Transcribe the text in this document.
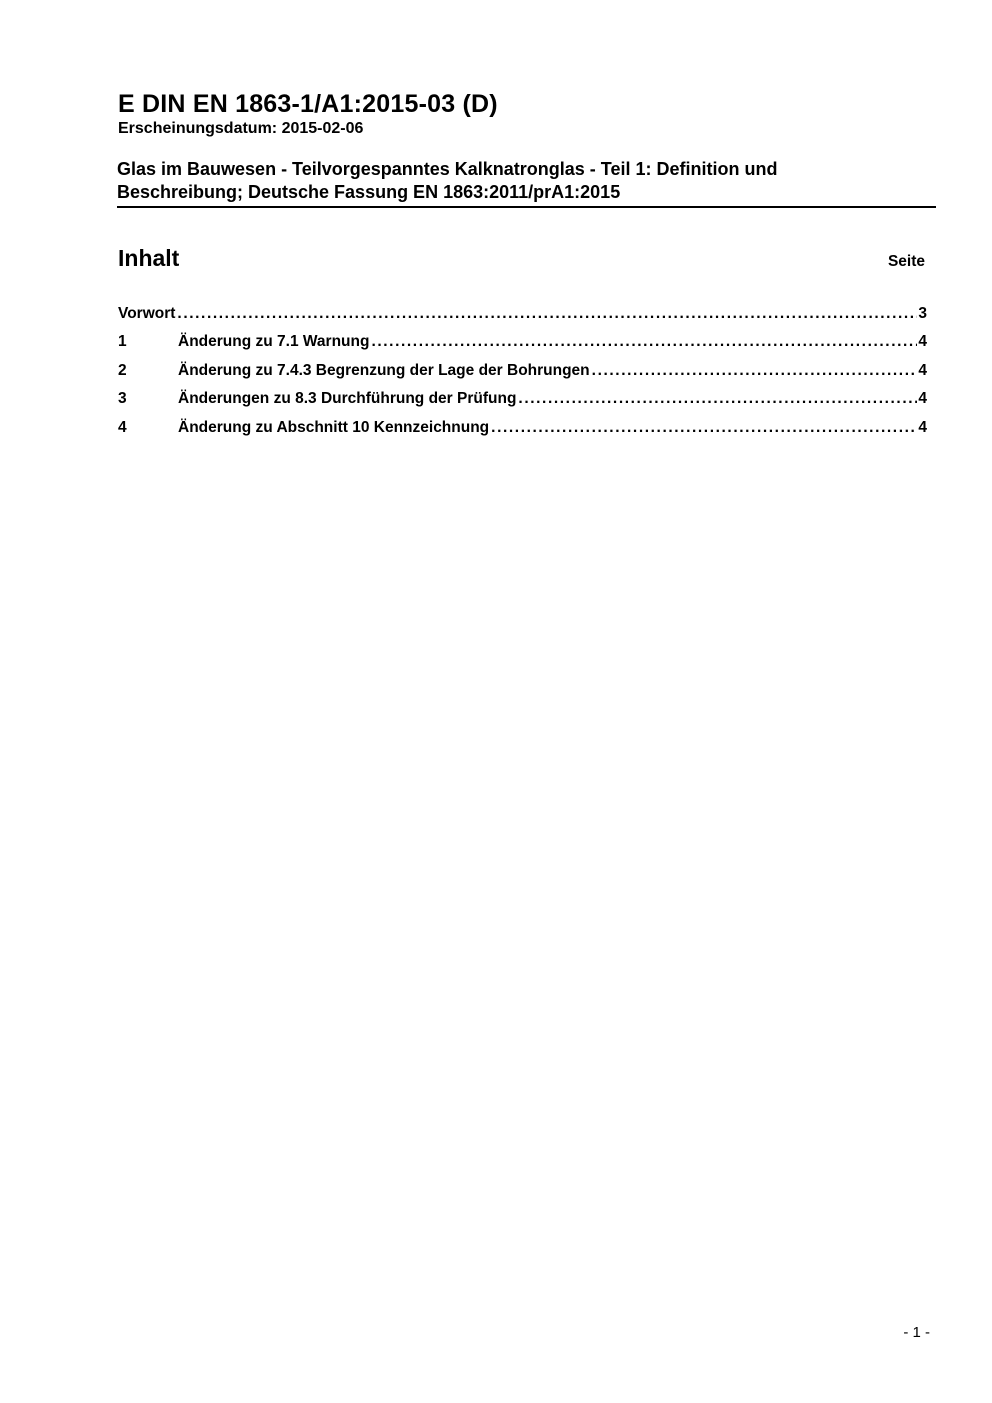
E DIN EN 1863-1/A1:2015-03 (D)
Erscheinungsdatum: 2015-02-06
Glas im Bauwesen - Teilvorgespanntes Kalknatronglas - Teil 1: Definition und Beschreibung; Deutsche Fassung EN 1863:2011/prA1:2015
Inhalt	Seite
Vorwort .....	3
1	Änderung zu 7.1 Warnung .....	4
2	Änderung zu 7.4.3 Begrenzung der Lage der Bohrungen .....	4
3	Änderungen zu 8.3 Durchführung der Prüfung .....	4
4	Änderung zu Abschnitt 10 Kennzeichnung .....	4
- 1 -
